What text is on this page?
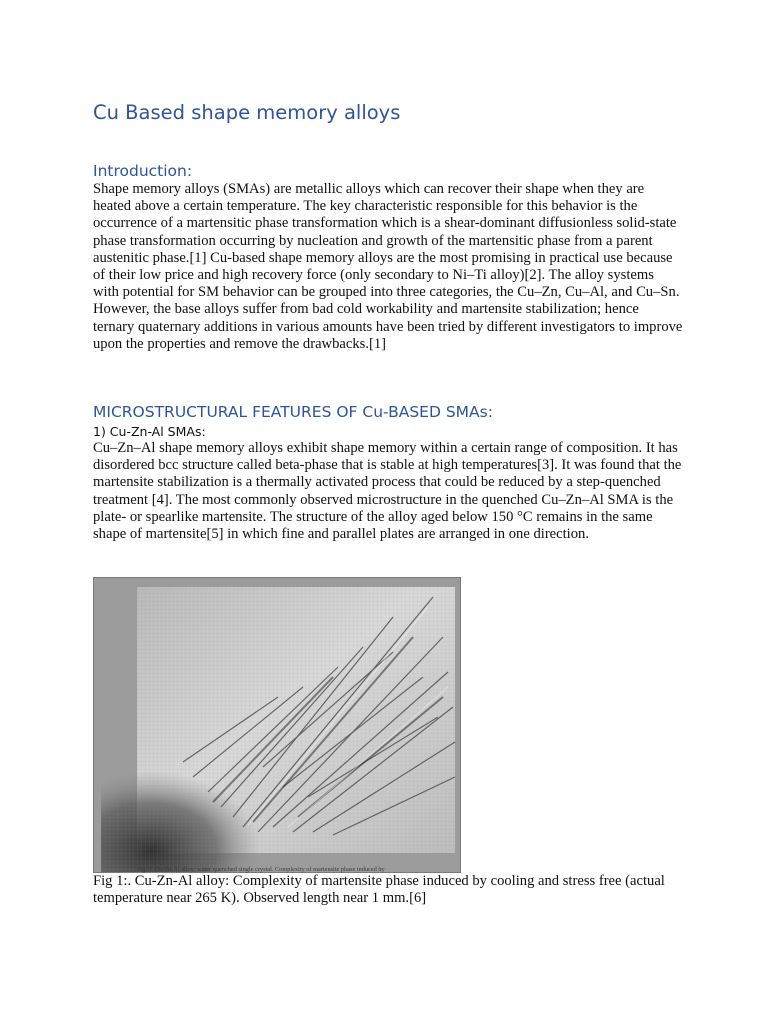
Cu Based shape memory alloys
Introduction:

Shape memory alloys (SMAs) are metallic alloys which can recover their shape when they are heated above a certain temperature. The key characteristic responsible for this behavior is the occurrence of a martensitic phase transformation which is a shear-dominant diffusionless solid-state phase transformation occurring by nucleation and growth of the martensitic phase from a parent austenitic phase.[1] Cu-based shape memory alloys are the most promising in practical use because of their low price and high recovery force (only secondary to Ni–Ti alloy)[2]. The alloy systems with potential for SM behavior can be grouped into three categories, the Cu–Zn, Cu–Al, and Cu–Sn. However, the base alloys suffer from bad cold workability and martensite stabilization; hence ternary quaternary additions in various amounts have been tried by different investigators to improve upon the properties and remove the drawbacks.[1]

MICROSTRUCTURAL FEATURES OF Cu-BASED SMAs:
1) Cu-Zn-Al SMAs:

Cu–Zn–Al shape memory alloys exhibit shape memory within a certain range of composition. It has disordered bcc structure called beta-phase that is stable at high temperatures[3]. It was found that the martensite stabilization is a thermally activated process that could be reduced by a step-quenched treatment [4]. The most commonly observed microstructure in the quenched Cu–Zn–Al SMA is the plate- or spearlike martensite. The structure of the alloy aged below 150 °C remains in the same shape of martensite[5] in which fine and parallel plates are arranged in one direction.

Fig. 1. Cu-Zn-Al alloy: water quenched single crystal. Complexity of martensite phase induced by

Fig 1:. Cu-Zn-Al alloy: Complexity of martensite phase induced by cooling and stress free (actual temperature near 265 K). Observed length near 1 mm.[6]
